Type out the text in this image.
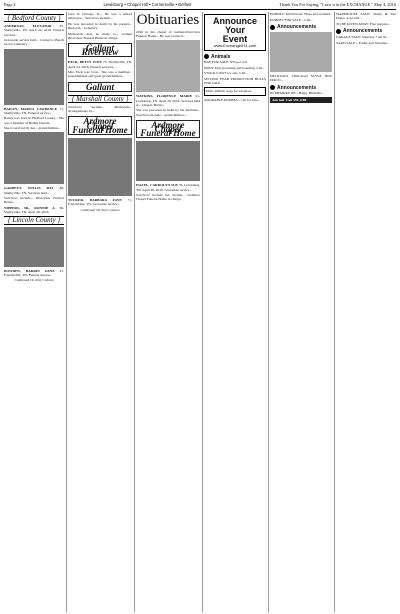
Page 2	Lewisburg • Chapel Hill • Cornersville • Belfast	Thank You For Saying, "I saw it in the EXCHANGE." May 4, 2016
{ Bedford County }

ANDERSON, ELEVATOR 67, Shelbyville, TN. April 24, 2016. Funeral services...

Graveside service held... Carried to Beech Grove Cemetery...

BAILEY, MARYO LAWRENCE 71, Shelbyville, TN. Funeral service...

Bailey was born in Bedford County... She was a member of Bethel Church...

She is survived by her... grandchildren...

GARRETT, WILLIS RAY 86, Shelbyville, TN. Services held...

Survivors include... Riverview Funeral Home...

NIPPERS, SR., RONNIE A. 69, Shelbyville, TN. April 26, 2016.

{ Lincoln County }

BOWDEN, DARRIN GENE 47, Fayetteville, TN. Funeral service...

Continued On Next Column

born in Chicago, IL... He was a retired employee... Survivors include...

He was preceded in death by his parents... Burial in... Cemetery.

Memorials may be made to... Gallant Riverview Funeral Home in charge.

Gallant Riverview

PACK, BETTY JUNE 75, Shelbyville, TN. April 24, 2016. Funeral services...

Mrs. Pack was born... She was a member... grandchildren and great-grandchildren...

Gallant
{ Marshall County }

Survivors include... Memorials... Arrangements by...

Ardmore Chapel Funeral Home

TUCKER, BARBARA FAYE 71, Fayetteville, TN. Graveside service...

Continued On Next Column

Obituaries

2016 in the chapel of Gallant-Riverview Funeral Home... He was a retired...

WATKINS, FLORENCE MARIE 91, Lewisburg, TN. April 29, 2016. Services held at... Chapel. Burial...

She was preceded in death by her husband... Survivors include... grandchildren...

Ardmore Chapel Funeral Home

HAZEL, CARROLYN SUE 35, Lewisburg, TN. April 28, 2016. Graveside service...

Survivors include her mother... Ardmore Chapel Funeral Home in charge.

Announce
Your
Event
www.Exchange931.com
Animals

HAY FOR SALE: $35 per roll.

PAWS: Dog grooming and boarding. Call...

STOCK COWS for sale. Call...

SECOND YEAR PRODUCTION BULLS FOR SALE.

DOG SHOW, dogs for adoption.

ADORABLE PUPPIES... call for info...

PUPPIES: Small breed. Shots and wormed.

PUPPIES FOR SALE... Call...

Announcements

DELICIOUS CHICAGO STYLE HOT DOGS!...

Announcements

IN MEMORY OF... Happy Birthday...

Ads Sell. Call 359-1188

WAREHOUSE SALE! Shady & Sun Plants. 4-A Grill...

TO BE GIVEN AWAY: Free puppies...

Announcements

GARAGE SALE: Saturday 7 am til...

YARD SALE... Friday and Saturday...
